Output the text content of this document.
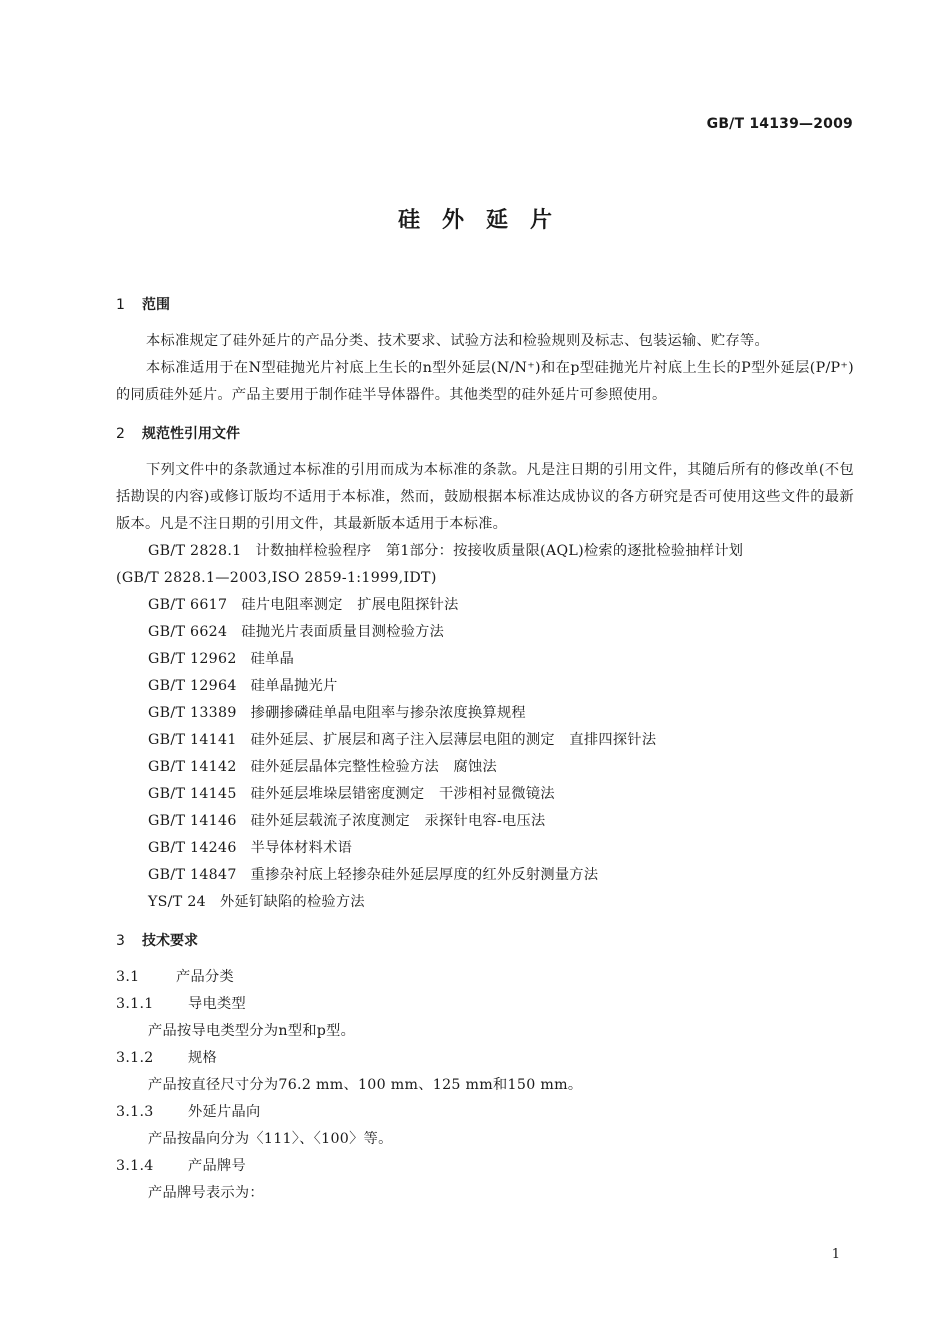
GB/T 14139—2009
硅外延片
1 范围
本标准规定了硅外延片的产品分类、技术要求、试验方法和检验规则及标志、包装运输、贮存等。
本标准适用于在N型硅抛光片衬底上生长的n型外延层(N/N⁺)和在p型硅抛光片衬底上生长的P型外延层(P/P⁺)的同质硅外延片。产品主要用于制作硅半导体器件。其他类型的硅外延片可参照使用。
2 规范性引用文件
下列文件中的条款通过本标准的引用而成为本标准的条款。凡是注日期的引用文件，其随后所有的修改单(不包括勘误的内容)或修订版均不适用于本标准，然而，鼓励根据本标准达成协议的各方研究是否可使用这些文件的最新版本。凡是不注日期的引用文件，其最新版本适用于本标准。
GB/T 2828.1 计数抽样检验程序　第1部分：按接收质量限(AQL)检索的逐批检验抽样计划
(GB/T 2828.1—2003,ISO 2859-1:1999,IDT)
GB/T 6617 硅片电阻率测定　扩展电阻探针法
GB/T 6624 硅抛光片表面质量目测检验方法
GB/T 12962 硅单晶
GB/T 12964 硅单晶抛光片
GB/T 13389 掺硼掺磷硅单晶电阻率与掺杂浓度换算规程
GB/T 14141 硅外延层、扩展层和离子注入层薄层电阻的测定　直排四探针法
GB/T 14142 硅外延层晶体完整性检验方法　腐蚀法
GB/T 14145 硅外延层堆垛层错密度测定　干涉相衬显微镜法
GB/T 14146 硅外延层载流子浓度测定　汞探针电容-电压法
GB/T 14246 半导体材料术语
GB/T 14847 重掺杂衬底上轻掺杂硅外延层厚度的红外反射测量方法
YS/T 24 外延钉缺陷的检验方法
3 技术要求
3.1	产品分类
3.1.1 导电类型
产品按导电类型分为n型和p型。
3.1.2 规格
产品按直径尺寸分为76.2 mm、100 mm、125 mm和150 mm。
3.1.3 外延片晶向
产品按晶向分为〈111〉、〈100〉等。
3.1.4 产品牌号
产品牌号表示为：
1
